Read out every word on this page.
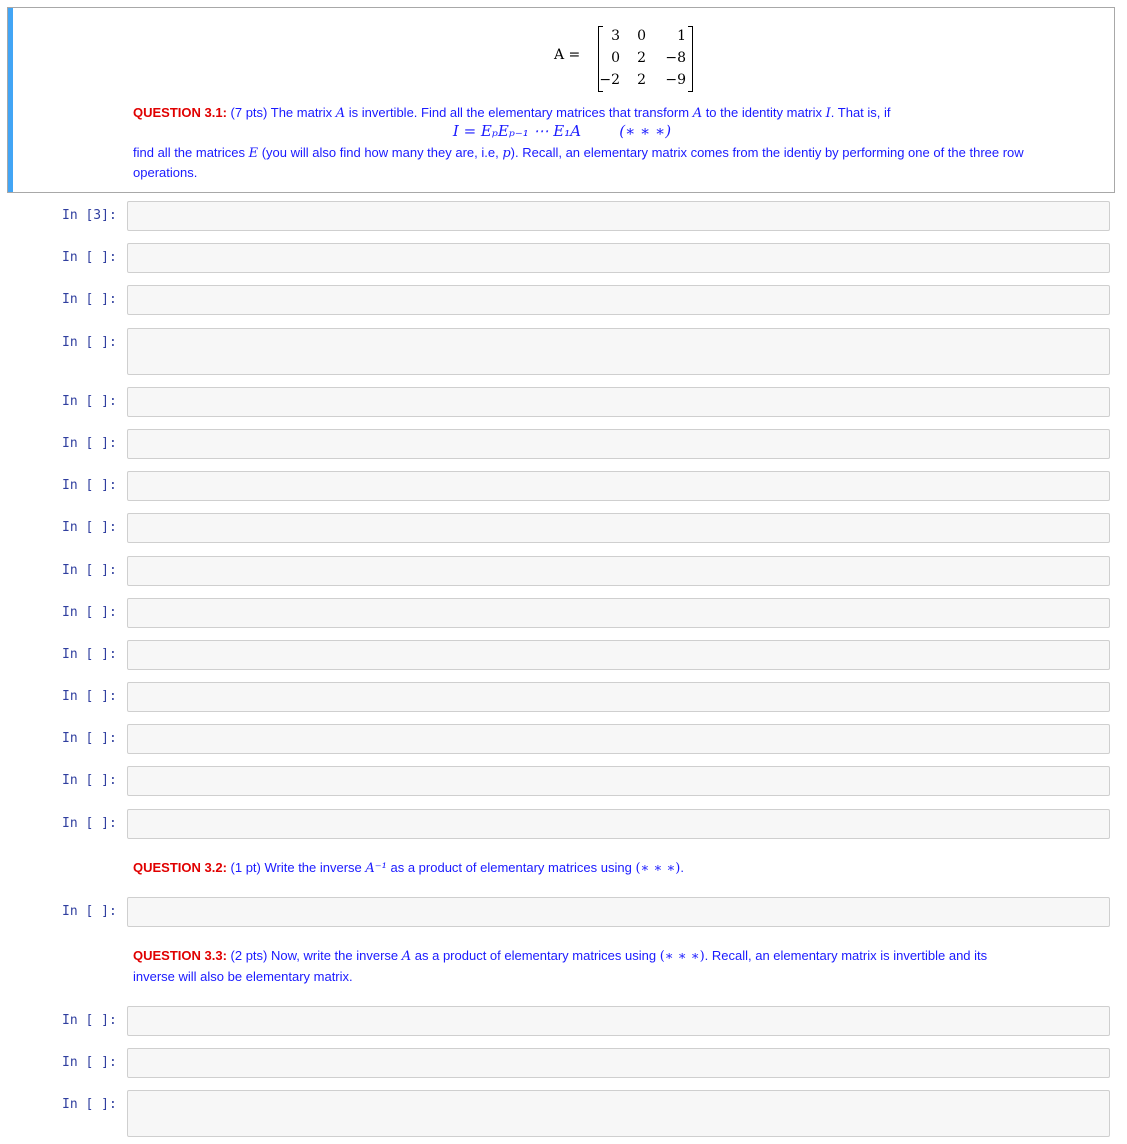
A =
3	0	1
0	2	−8
−2	2	−9
QUESTION 3.1: (7 pts) The matrix A is invertible. Find all the elementary matrices that transform A to the identity matrix I. That is, if
I = EₚEₚ₋₁ ⋯ E₁A        (∗ ∗ ∗)
find all the matrices E (you will also find how many they are, i.e, p). Recall, an elementary matrix comes from the identiy by performing one of the three row
operations.
In [3]:
In [ ]:
In [ ]:
In [ ]:
In [ ]:
In [ ]:
In [ ]:
In [ ]:
In [ ]:
In [ ]:
In [ ]:
In [ ]:
In [ ]:
In [ ]:
In [ ]:
QUESTION 3.2: (1 pt) Write the inverse A⁻¹ as a product of elementary matrices using (∗ ∗ ∗).
In [ ]:
QUESTION 3.3: (2 pts) Now, write the inverse A as a product of elementary matrices using (∗ ∗ ∗). Recall, an elementary matrix is invertible and its
inverse will also be elementary matrix.
In [ ]:
In [ ]:
In [ ]:
